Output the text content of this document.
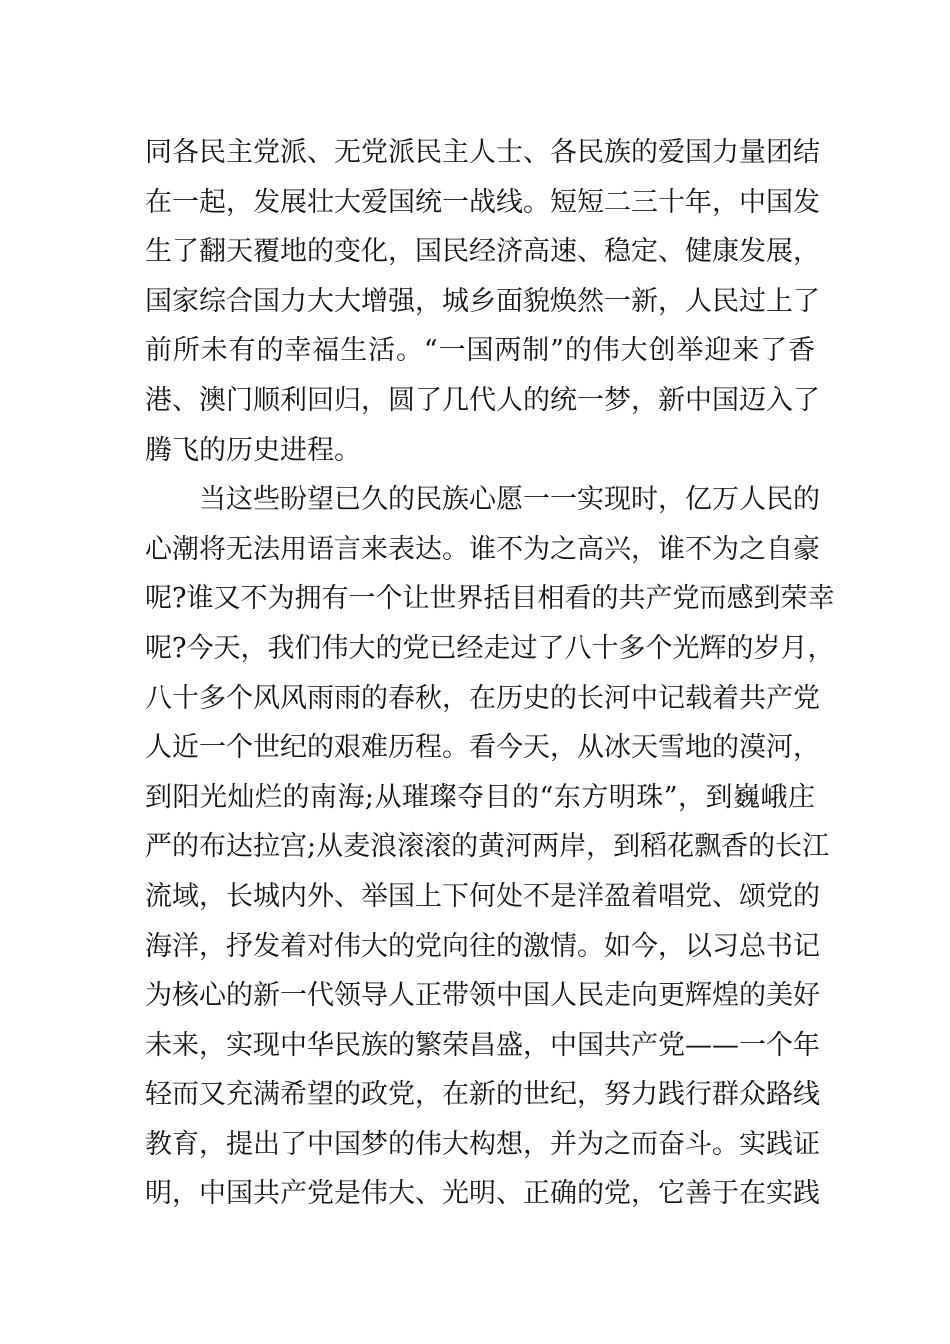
同各民主党派、无党派民主人士、各民族的爱国力量团结
在一起，发展壮大爱国统一战线。短短二三十年，中国发
生了翻天覆地的变化，国民经济高速、稳定、健康发展，
国家综合国力大大增强，城乡面貌焕然一新，人民过上了
前所未有的幸福生活。“一国两制”的伟大创举迎来了香
港、澳门顺利回归，圆了几代人的统一梦，新中国迈入了
腾飞的历史进程。
当这些盼望已久的民族心愿一一实现时，亿万人民的
心潮将无法用语言来表达。谁不为之高兴，谁不为之自豪
呢?谁又不为拥有一个让世界括目相看的共产党而感到荣幸
呢?今天，我们伟大的党已经走过了八十多个光辉的岁月，
八十多个风风雨雨的春秋，在历史的长河中记载着共产党
人近一个世纪的艰难历程。看今天，从冰天雪地的漠河，
到阳光灿烂的南海;从璀璨夺目的“东方明珠”，到巍峨庄
严的布达拉宫;从麦浪滚滚的黄河两岸，到稻花飘香的长江
流域，长城内外、举国上下何处不是洋盈着唱党、颂党的
海洋，抒发着对伟大的党向往的激情。如今，以习总书记
为核心的新一代领导人正带领中国人民走向更辉煌的美好
未来，实现中华民族的繁荣昌盛，中国共产党——一个年
轻而又充满希望的政党，在新的世纪，努力践行群众路线
教育，提出了中国梦的伟大构想，并为之而奋斗。实践证
明，中国共产党是伟大、光明、正确的党，它善于在实践
